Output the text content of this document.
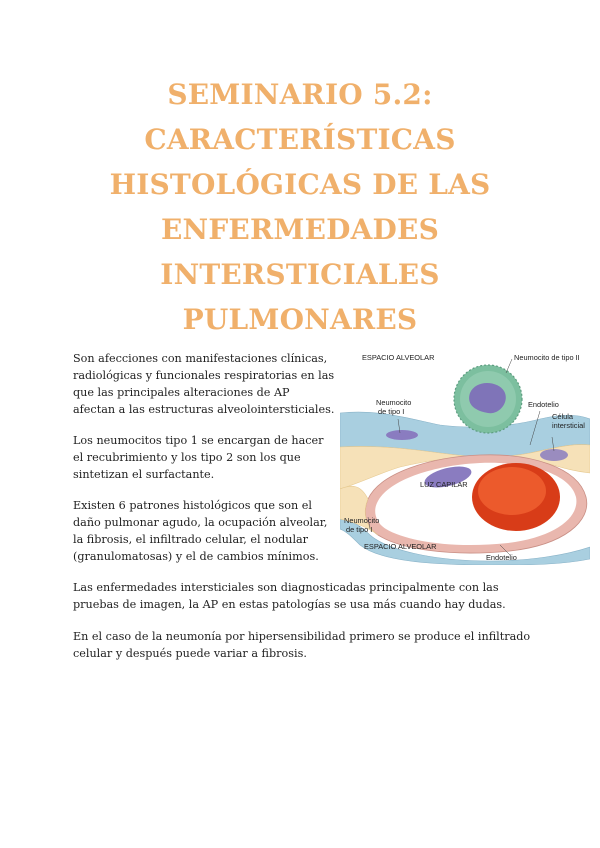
SEMINARIO 5.2:
CARACTERÍSTICAS
HISTOLÓGICAS DE LAS
ENFERMEDADES
INTERSTICIALES
PULMONARES

Son afecciones con manifestaciones clínicas, radiológicas y funcionales respiratorias en las que las principales alteraciones de AP afectan a las estructuras alveolointersticiales.

Los neumocitos tipo 1 se encargan de hacer el recubrimiento y los tipo 2 son los que sintetizan el surfactante.

Existen 6 patrones histológicos que son el daño pulmonar agudo, la ocupación alveolar, la fibrosis, el infiltrado celular, el nodular (granulomatosas) y el de cambios mínimos.

Las enfermedades intersticiales son diagnosticadas principalmente con las pruebas de imagen, la AP en estas patologías se usa más cuando hay dudas.

En el caso de la neumonía por hipersensibilidad primero se produce el infiltrado celular y después puede variar a fibrosis.

ESPACIO ALVEOLAR	Neumocito de tipo II
Neumocito
de tipo I
Endotelio
Célula
intersticial
LUZ CAPILAR
Neumocito
de tipo I
ESPACIO ALVEOLAR
Endotelio
